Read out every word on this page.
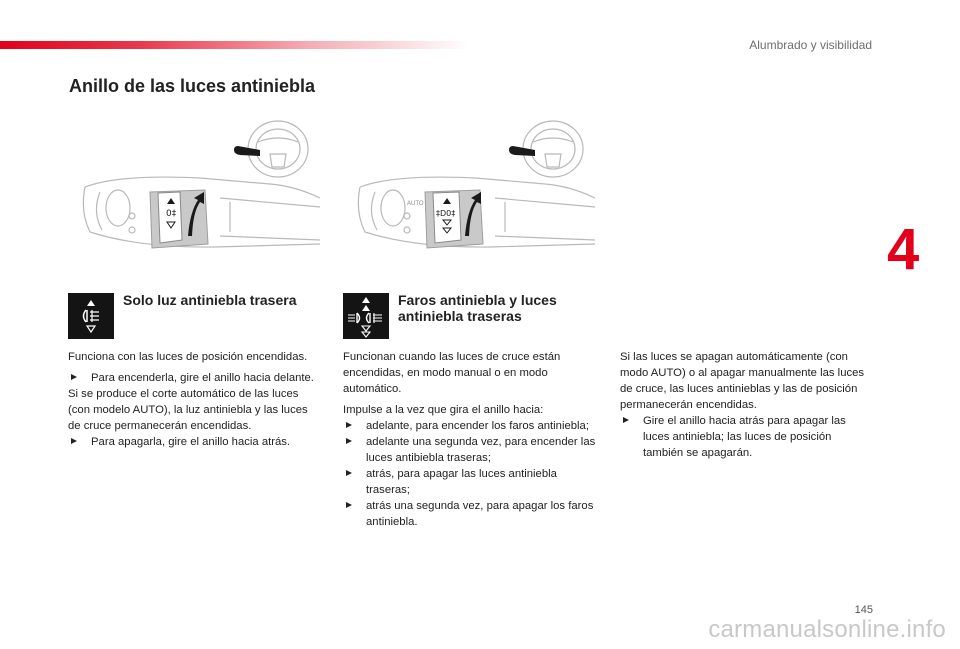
Alumbrado y visibilidad
4
Anillo de las luces antiniebla
0‡
AUTO
‡D0‡
Solo luz antiniebla trasera	Faros antiniebla y luces antiniebla traseras

Funciona con las luces de posición encendidas.

Para encenderla, gire el anillo hacia delante.

Si se produce el corte automático de las luces (con modelo AUTO), la luz antiniebla y las luces de cruce permanecerán encendidas.

Para apagarla, gire el anillo hacia atrás.

Funcionan cuando las luces de cruce están encendidas, en modo manual o en modo automático.

Impulse a la vez que gira el anillo hacia:

adelante, para encender los faros antiniebla;

adelante una segunda vez, para encender las luces antibiebla traseras;

atrás, para apagar las luces antiniebla traseras;

atrás una segunda vez, para apagar los faros antiniebla.

Si las luces se apagan automáticamente (con modo AUTO) o al apagar manualmente las luces de cruce, las luces antinieblas y las de posición permanecerán encendidas.

Gire el anillo hacia atrás para apagar las luces antiniebla; las luces de posición también se apagarán.

145
carmanualsonline.info
